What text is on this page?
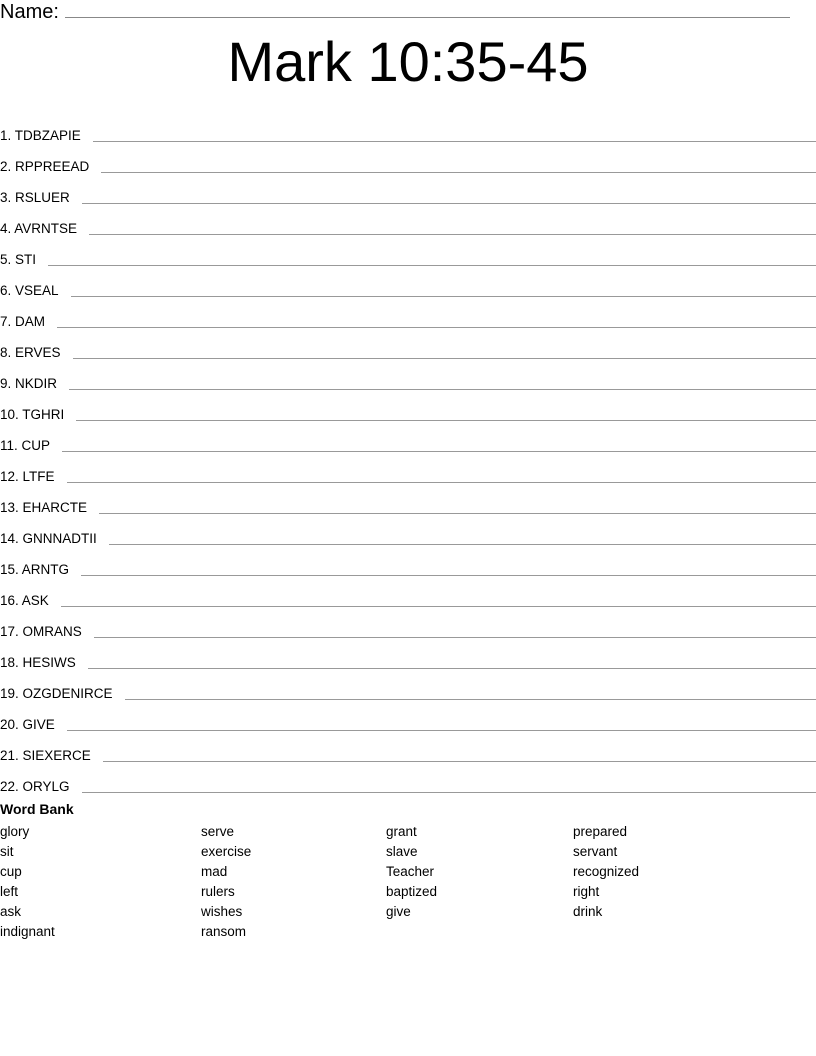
Name:
Mark 10:35-45
1. TDBZAPIE
2. RPPREEAD
3. RSLUER
4. AVRNTSE
5. STI
6. VSEAL
7. DAM
8. ERVES
9. NKDIR
10. TGHRI
11. CUP
12. LTFE
13. EHARCTE
14. GNNNADTII
15. ARNTG
16. ASK
17. OMRANS
18. HESIWS
19. OZGDENIRCE
20. GIVE
21. SIEXERCE
22. ORYLG
Word Bank
glory
sit
cup
left
ask
indignant
serve
exercise
mad
rulers
wishes
ransom
grant
slave
Teacher
baptized
give
prepared
servant
recognized
right
drink
